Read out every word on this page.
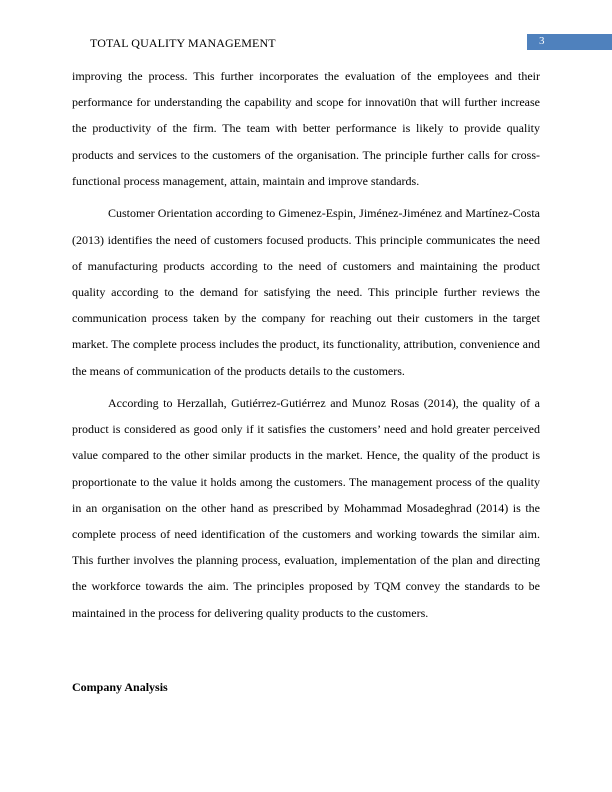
TOTAL QUALITY MANAGEMENT	3

improving the process. This further incorporates the evaluation of the employees and their performance for understanding the capability and scope for innovati0n that will further increase the productivity of the firm. The team with better performance is likely to provide quality products and services to the customers of the organisation. The principle further calls for cross-functional process management, attain, maintain and improve standards.

Customer Orientation according to Gimenez-Espin, Jiménez-Jiménez and Martínez-Costa (2013) identifies the need of customers focused products. This principle communicates the need of manufacturing products according to the need of customers and maintaining the product quality according to the demand for satisfying the need. This principle further reviews the communication process taken by the company for reaching out their customers in the target market. The complete process includes the product, its functionality, attribution, convenience and the means of communication of the products details to the customers.

According to Herzallah, Gutiérrez-Gutiérrez and Munoz Rosas (2014), the quality of a product is considered as good only if it satisfies the customers’ need and hold greater perceived value compared to the other similar products in the market. Hence, the quality of the product is proportionate to the value it holds among the customers. The management process of the quality in an organisation on the other hand as prescribed by Mohammad Mosadeghrad (2014) is the complete process of need identification of the customers and working towards the similar aim. This further involves the planning process, evaluation, implementation of the plan and directing the workforce towards the aim. The principles proposed by TQM convey the standards to be maintained in the process for delivering quality products to the customers.

Company Analysis
